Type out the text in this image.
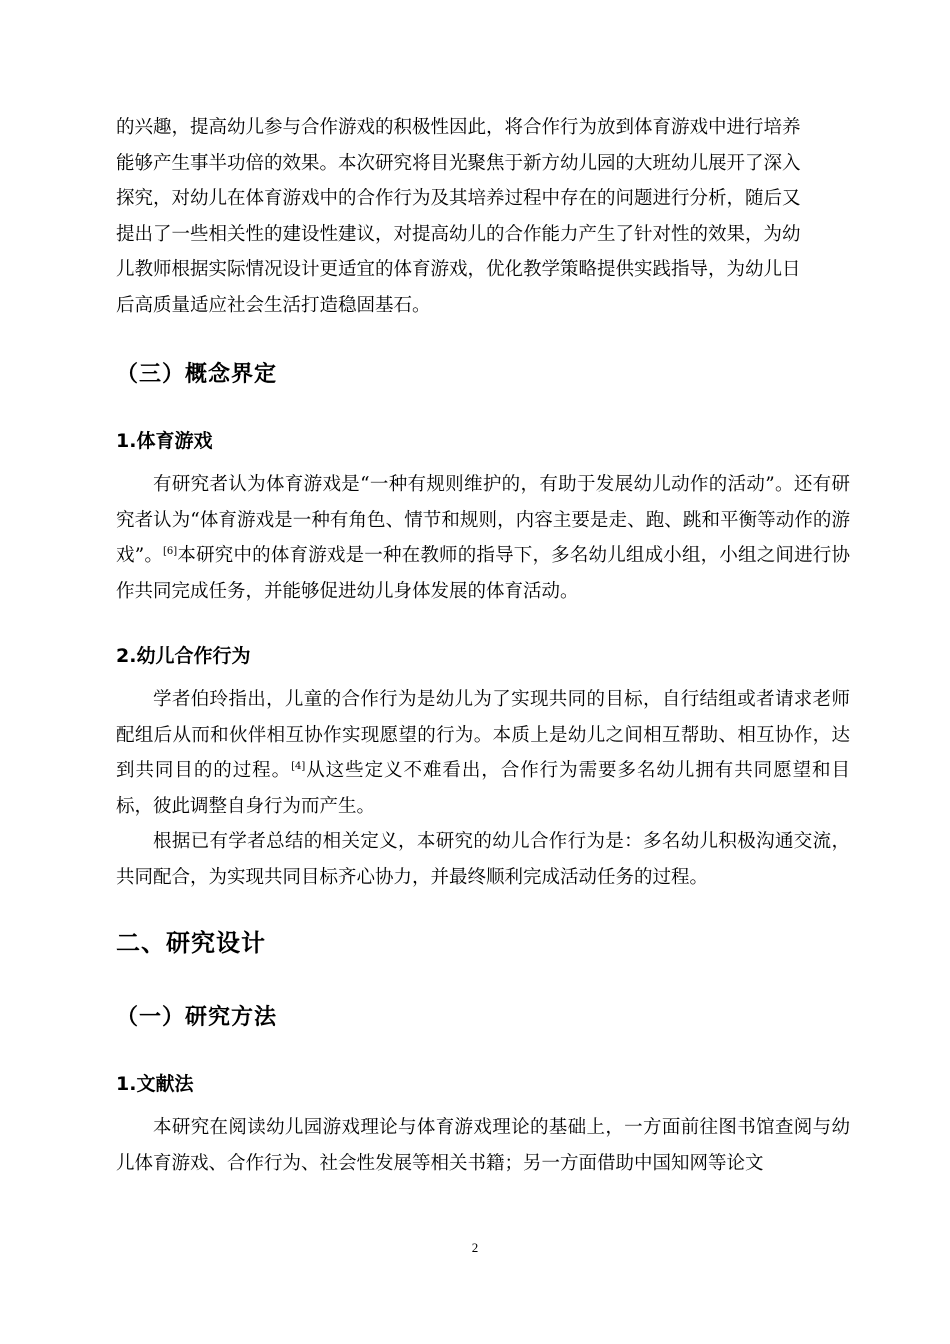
的兴趣，提高幼儿参与合作游戏的积极性因此，将合作行为放到体育游戏中进行培养

能够产生事半功倍的效果。本次研究将目光聚焦于新方幼儿园的大班幼儿展开了深入

探究，对幼儿在体育游戏中的合作行为及其培养过程中存在的问题进行分析，随后又

提出了一些相关性的建设性建议，对提高幼儿的合作能力产生了针对性的效果，为幼

儿教师根据实际情况设计更适宜的体育游戏，优化教学策略提供实践指导，为幼儿日

后高质量适应社会生活打造稳固基石。

（三）概念界定
1.体育游戏

有研究者认为体育游戏是“一种有规则维护的，有助于发展幼儿动作的活动”。还有研究者认为“体育游戏是一种有角色、情节和规则，内容主要是走、跑、跳和平衡等动作的游戏”。[6]本研究中的体育游戏是一种在教师的指导下，多名幼儿组成小组，小组之间进行协作共同完成任务，并能够促进幼儿身体发展的体育活动。

2.幼儿合作行为

学者伯玲指出，儿童的合作行为是幼儿为了实现共同的目标，自行结组或者请求老师配组后从而和伙伴相互协作实现愿望的行为。本质上是幼儿之间相互帮助、相互协作，达到共同目的的过程。[4]从这些定义不难看出，合作行为需要多名幼儿拥有共同愿望和目标，彼此调整自身行为而产生。

根据已有学者总结的相关定义，本研究的幼儿合作行为是：多名幼儿积极沟通交流，共同配合，为实现共同目标齐心协力，并最终顺利完成活动任务的过程。

二、研究设计
（一）研究方法
1.文献法

本研究在阅读幼儿园游戏理论与体育游戏理论的基础上，一方面前往图书馆查阅与幼儿体育游戏、合作行为、社会性发展等相关书籍；另一方面借助中国知网等论文

2
